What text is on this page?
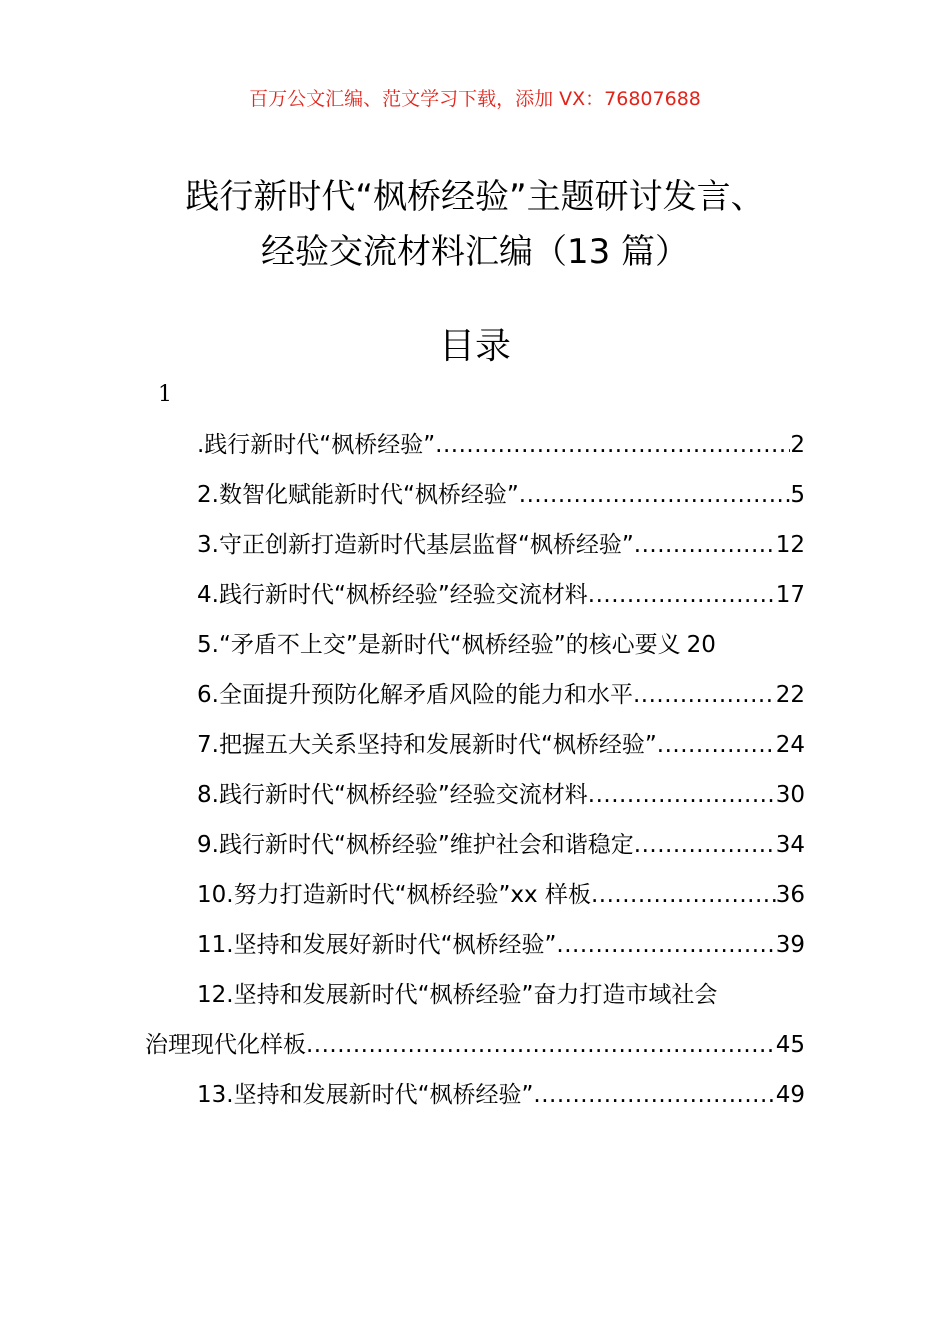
百万公文汇编、范文学习下载，添加 VX：76807688
践行新时代“枫桥经验”主题研讨发言、
经验交流材料汇编（13 篇）
目录
1
.践行新时代“枫桥经验” .....	2
2.数智化赋能新时代“枫桥经验” .....	5
3.守正创新打造新时代基层监督“枫桥经验” .....	12
4.践行新时代“枫桥经验”经验交流材料 .....	17
5.“矛盾不上交”是新时代“枫桥经验”的核心要义 20
6.全面提升预防化解矛盾风险的能力和水平 .....	22
7.把握五大关系坚持和发展新时代“枫桥经验” .....	24
8.践行新时代“枫桥经验”经验交流材料 .....	30
9.践行新时代“枫桥经验”维护社会和谐稳定 .....	34
10.努力打造新时代“枫桥经验”xx 样板 .....	36
11.坚持和发展好新时代“枫桥经验” .....	39
12.坚持和发展新时代“枫桥经验”奋力打造市域社会
治理现代化样板 .....	45
13.坚持和发展新时代“枫桥经验” .....	49
